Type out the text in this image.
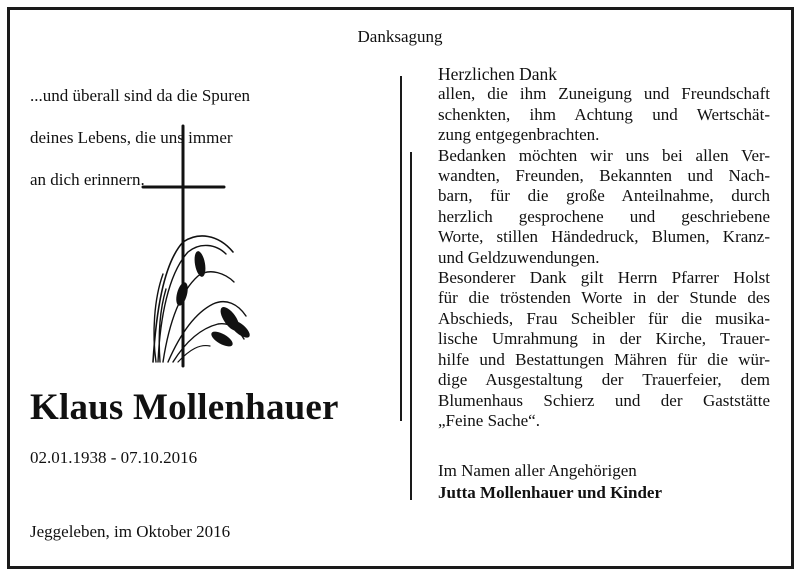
Danksagung

...und überall sind da die Spuren

deines Lebens, die uns immer

an dich erinnern.

Klaus Mollenhauer
02.01.1938 - 07.10.2016
Jeggeleben, im Oktober 2016
Herzlichen Dank
allen, die ihm Zuneigung und Freundschaft
schenkten, ihm Achtung und Wertschät-
zung entgegenbrachten.
Bedanken möchten wir uns bei allen Ver-
wandten, Freunden, Bekannten und Nach-
barn, für die große Anteilnahme, durch
herzlich gesprochene und geschriebene
Worte, stillen Händedruck, Blumen, Kranz-
und Geldzuwendungen.
Besonderer Dank gilt Herrn Pfarrer Holst
für die tröstenden Worte in der Stunde des
Abschieds, Frau Scheibler für die musika-
lische Umrahmung in der Kirche, Trauer-
hilfe und Bestattungen Mähren für die wür-
dige Ausgestaltung der Trauerfeier, dem
Blumenhaus Schierz und der Gaststätte
„Feine Sache“.
Im Namen aller Angehörigen
Jutta Mollenhauer und Kinder
